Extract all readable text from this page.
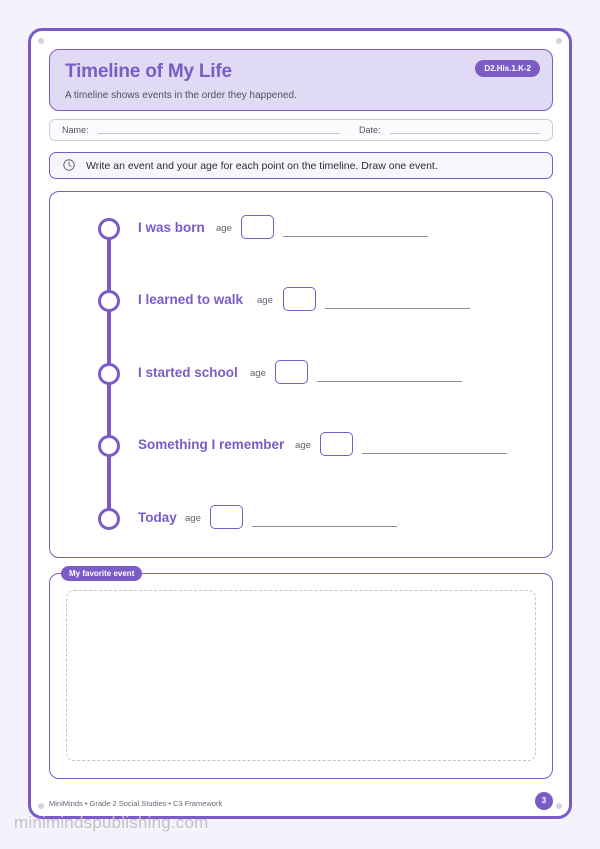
Timeline of My Life
A timeline shows events in the order they happened.
D2.His.1.K-2
Name:	Date:
Write an event and your age for each point on the timeline. Draw one event.
I was born age
I learned to walk age
I started school age
Something I remember age
Today age
My favorite event
MiniMinds • Grade 2 Social Studies • C3 Framework	3
minimindspublishing.com
